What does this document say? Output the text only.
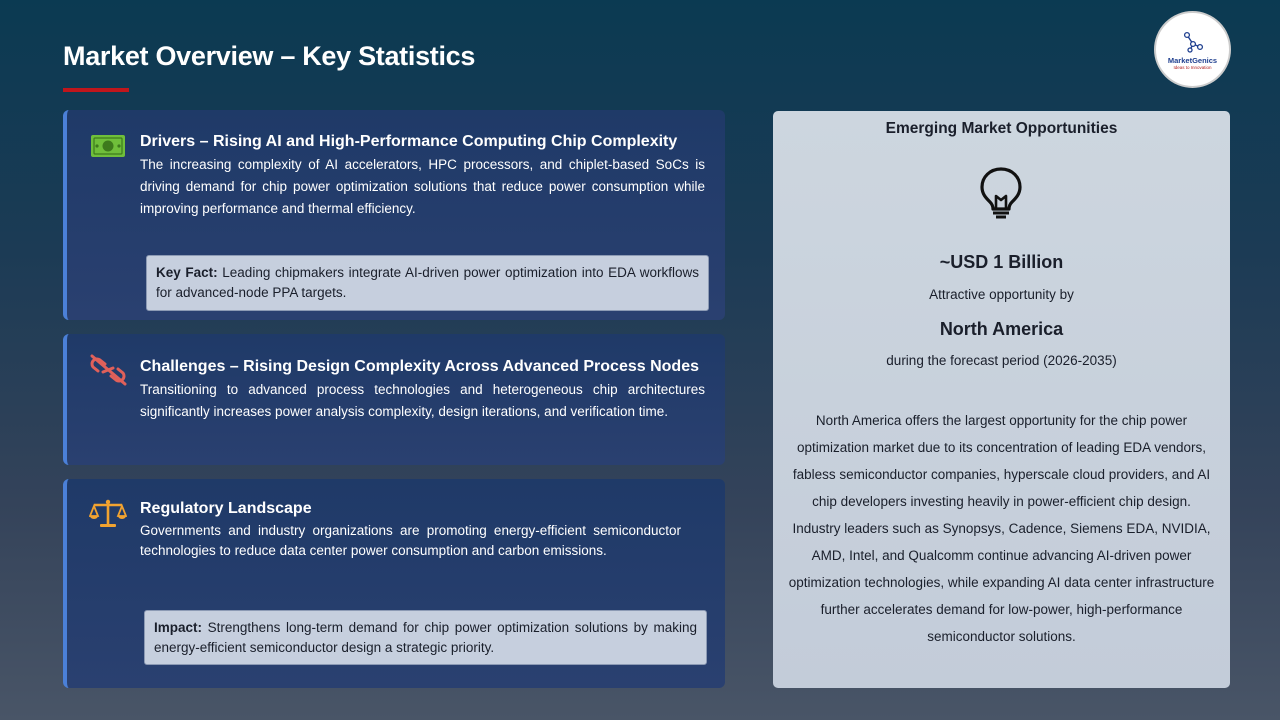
Market Overview – Key Statistics	MarketGenics
Ideas to Innovation
Drivers – Rising AI and High-Performance Computing Chip Complexity
The increasing complexity of AI accelerators, HPC processors, and chiplet-based SoCs is driving demand for chip power optimization solutions that reduce power consumption while improving performance and thermal efficiency.
Key Fact: Leading chipmakers integrate AI-driven power optimization into EDA workflows for advanced-node PPA targets.
Challenges – Rising Design Complexity Across Advanced Process Nodes
Transitioning to advanced process technologies and heterogeneous chip architectures significantly increases power analysis complexity, design iterations, and verification time.
Regulatory Landscape
Governments and industry organizations are promoting energy-efficient semiconductor technologies to reduce data center power consumption and carbon emissions.
Impact: Strengthens long-term demand for chip power optimization solutions by making energy-efficient semiconductor design a strategic priority.
Emerging Market Opportunities
~USD 1 Billion
Attractive opportunity by
North America
during the forecast period (2026-2035)
North America offers the largest opportunity for the chip power optimization market due to its concentration of leading EDA vendors, fabless semiconductor companies, hyperscale cloud providers, and AI chip developers investing heavily in power-efficient chip design. Industry leaders such as Synopsys, Cadence, Siemens EDA, NVIDIA, AMD, Intel, and Qualcomm continue advancing AI-driven power optimization technologies, while expanding AI data center infrastructure further accelerates demand for low-power, high-performance semiconductor solutions.
